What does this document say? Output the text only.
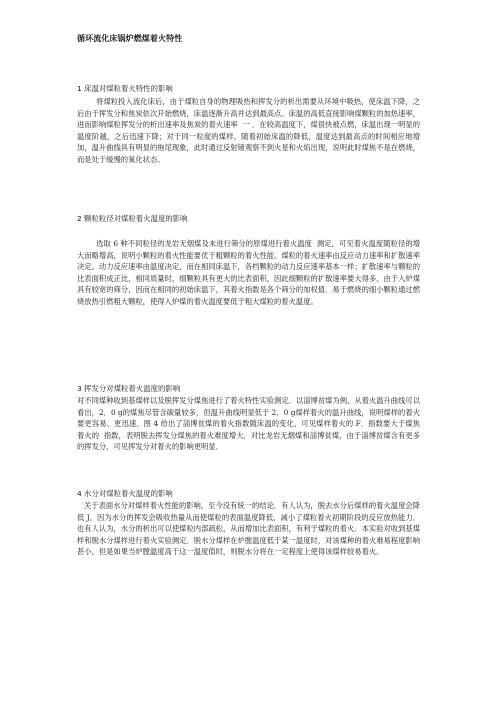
循环流化床锅炉燃煤着火特性
1 床温对煤粒着火特性的影响
将煤粒投入流化床后，由于煤粒自身的物理吸热和挥发分的析出需要从环境中吸热，使床温下降，之后由于挥发分和焦炭依次开始燃烧，床温逐渐升高并达到最高点。床温的高低直接影响煤颗粒的加热速率，进而影响煤粒挥发分的析出速率及焦炭的着火速率  一 ．在较高温度下，煤很快被点燃，床温出现一明显的温度阶越，之后迅速下降；对于同一粒度的煤样，随着初始床温的降低，温度达到最高点的时间相应地增加，温升曲线具有明显的拖尾现象，此时通过反射镜观察不到火星和火焰出现，说明此时煤焦不是在燃烧，而是处于缓慢的氧化状态。
2 颗粒粒径对煤粒着火温度的影响
选取 6 种不同粒径的龙岩无烟煤及未进行筛分的原煤进行着火温度  测定，可见着火温度随粒径的增大而略增高，说明小颗粒的着火性能要优于粗颗粒的着火性能。煤粒的着火速率由反应动力速率和扩散速率决定。动力反应速率由温度决定，而在相同床温下，各档颗粒的动力反应速率基本一样；扩散速率与颗粒的比表面积成正比，相同质量时，细颗粒具有更大的比表面积，因此细颗粒的扩散速率要大得多。由于入炉煤具有较宽的筛分，因而在相同的初始床温下，其着火指数是各个筛分的加权值．易于燃烧的细小颗粒通过燃烧放热引燃粗大颗粒，使得入炉煤的着火温度要低于粗大煤粒的着火温度。
3 挥发分对煤粒着火温度的影响
对不同煤种收到基煤样以及脱挥发分煤焦进行了着火特性实验测定．以淄博贫煤为例，从着火温升曲线可以看出，2．0 g的煤焦尽管含碳量较多，但温升曲线明显低于 2．0 g煤样着火的温升曲线，说明煤样的着火要更容易、更迅速．图 4 给出了淄博贫煤的着火指数随床温的变化，可见煤样着火的 F．指数要大于煤焦着火的  指数，表明脱去挥发分煤焦的着火难度增大．对比龙岩无烟煤和淄博贫煤，由于淄博贫煤含有更多的挥发分，可见挥发分对着火的影响更明显．
4 水分对煤粒着火温度的影响
关于表面水分对煤样着火性能的影响，至今没有统一的结论．有人认为，脱去水分后煤样的着火温度会降低 J，因为水分的挥发会吸收热量从而使煤粒的表面温度降低，减小了煤粒着火初期阶段的反应放热能力．也有人认为，水分的析出可以使煤粒内部疏松，从而增加比表面积，有利于煤粒的着火．本实验对收到基煤样和脱水分煤样进行着火实验测定．脱水分煤样在炉膛温度低于某一温度时，对该煤种的着火难易程度影响甚小，但是如果当炉膛温度高于这一温度值时，则脱水分将在一定程度上使得该煤样较易着火。
